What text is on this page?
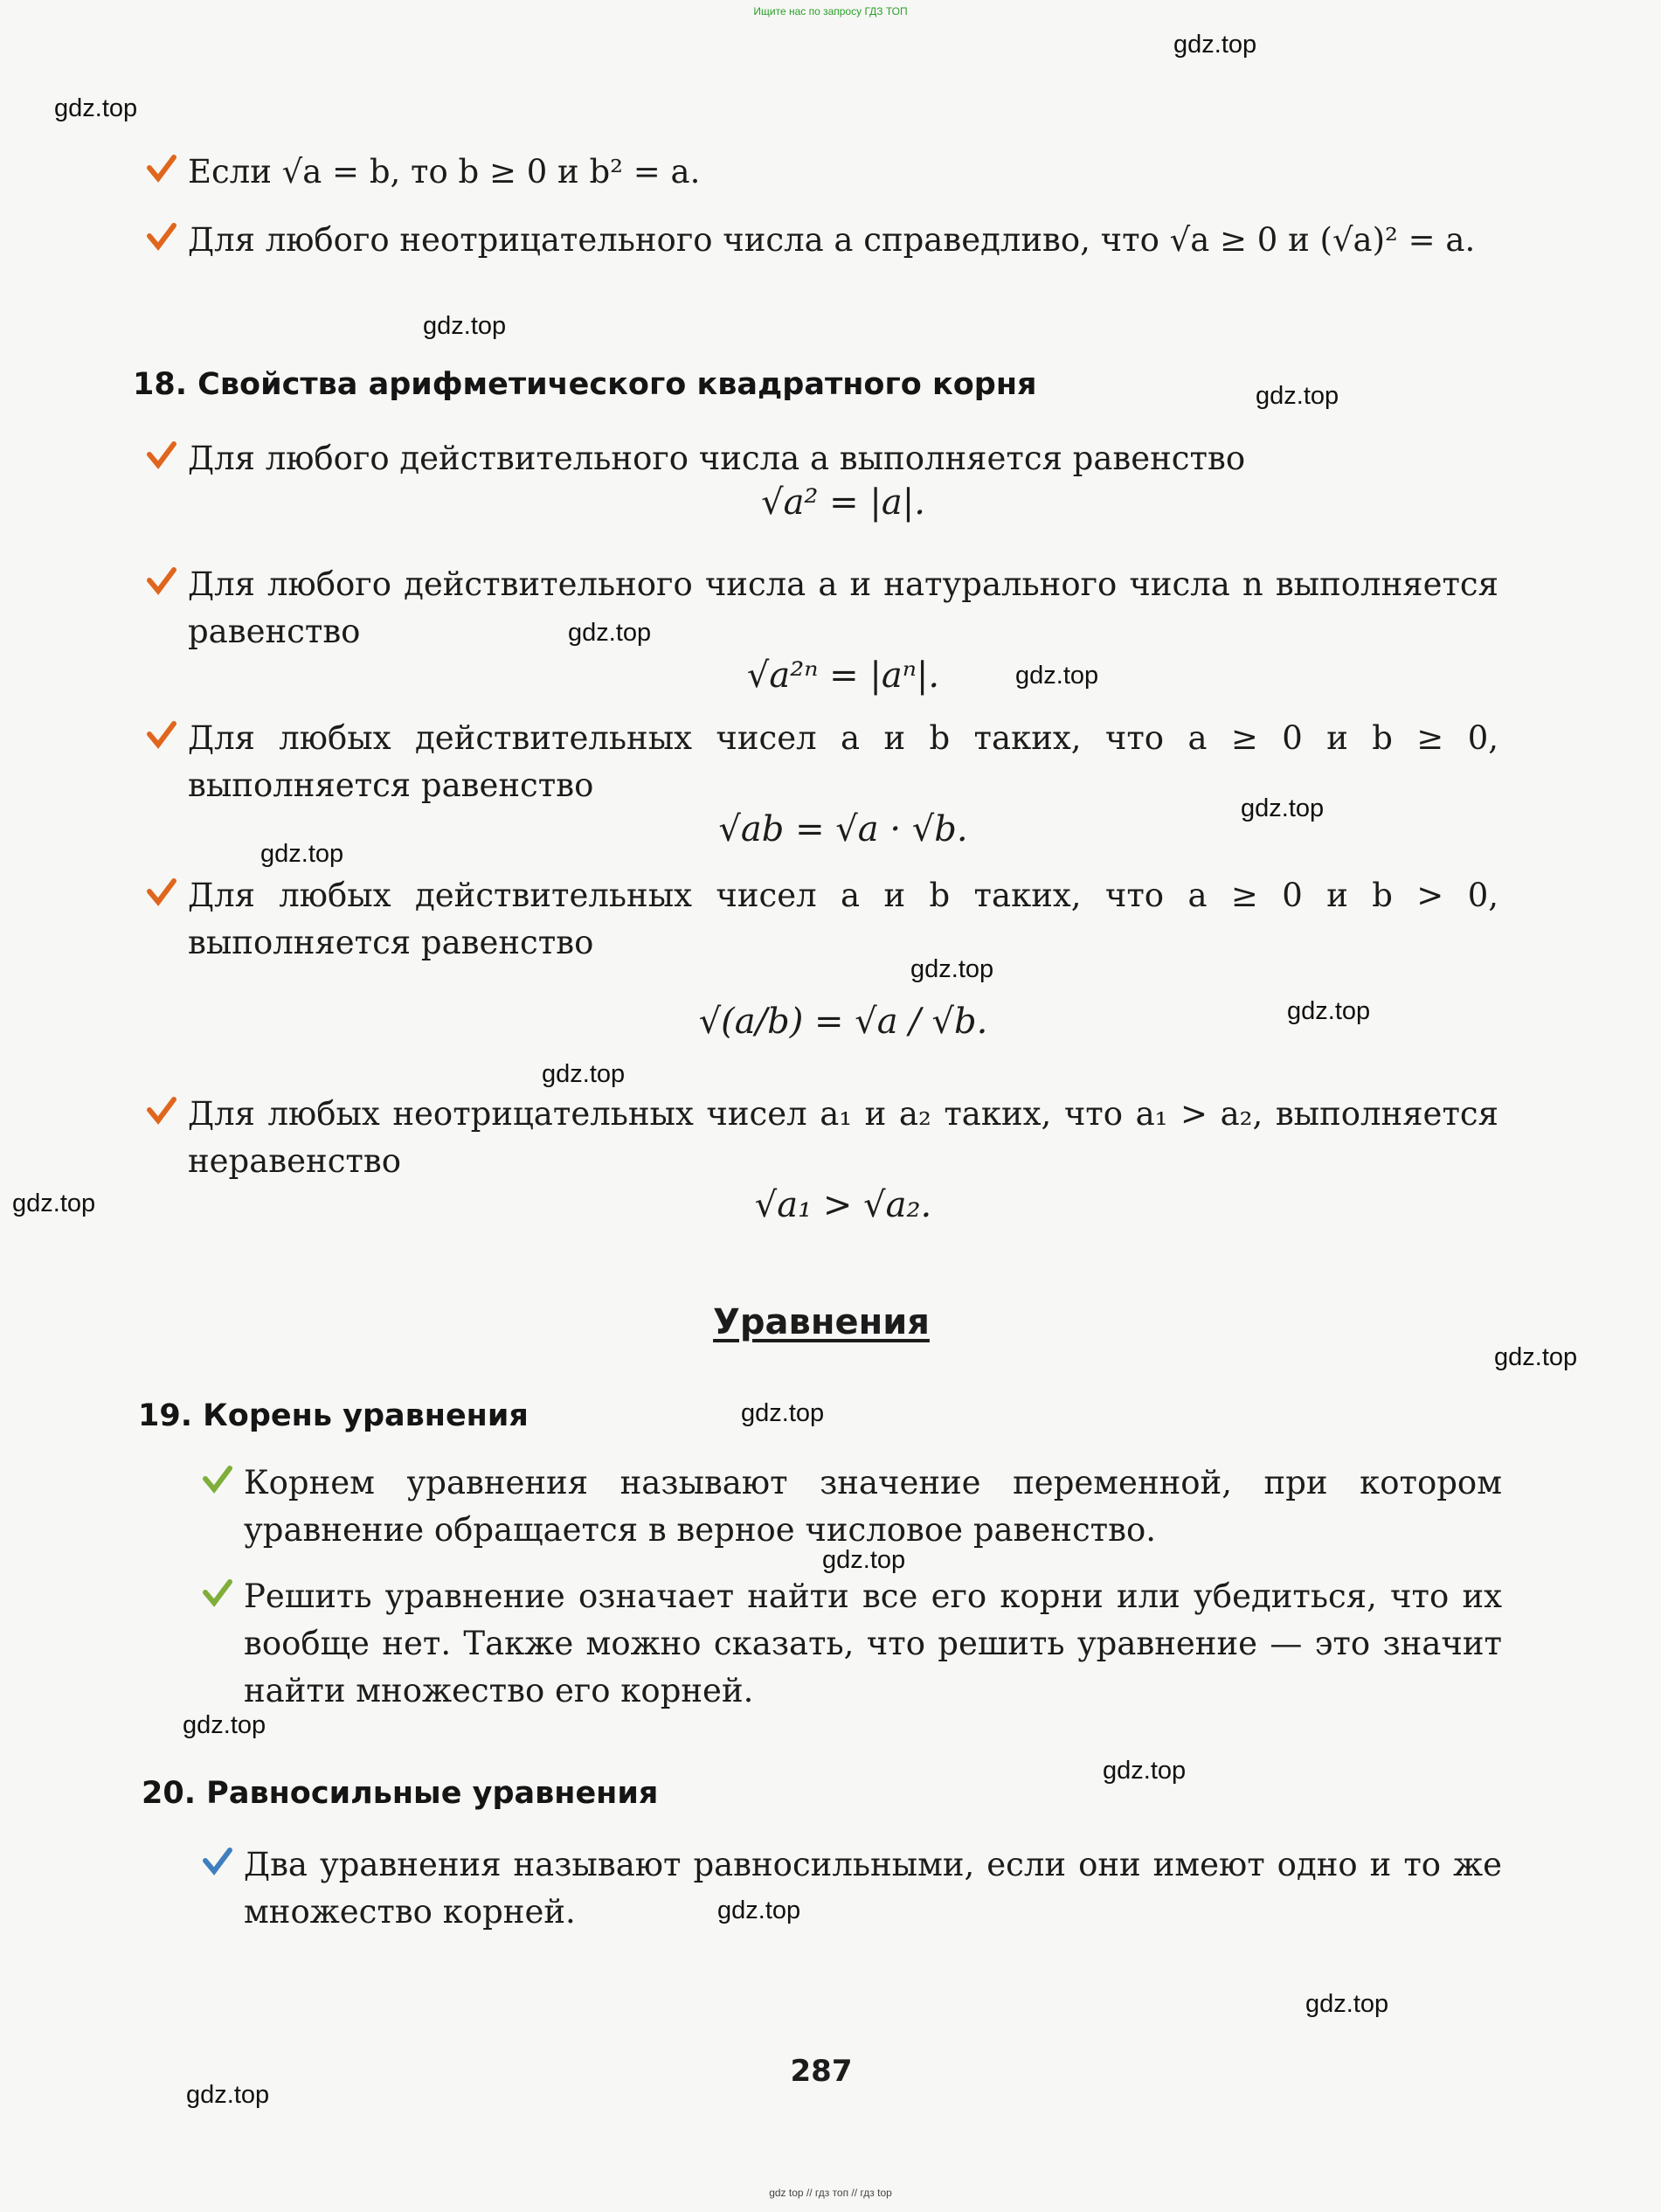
Ищите нас по запросу ГДЗ ТОП
gdz.top
gdz.top
gdz.top
gdz.top
gdz.top
gdz.top
gdz.top
gdz.top
gdz.top
gdz.top
gdz.top
gdz.top
gdz.top
gdz.top
gdz.top
gdz.top
gdz.top
gdz.top
gdz.top
gdz.top
Если √a = b, то b ≥ 0 и b² = a.
Для любого неотрицательного числа a справедливо, что √a ≥ 0 и (√a)² = a.
18. Свойства арифметического квадратного корня
Для любого действительного числа a выполняется равенство
√a² = |a|.
Для любого действительного числа a и натурального числа n выполняется равенство
√a²ⁿ = |aⁿ|.
Для любых действительных чисел a и b таких, что a ≥ 0 и b ≥ 0, выполняется равенство
√ab = √a · √b.
Для любых действительных чисел a и b таких, что a ≥ 0 и b > 0, выполняется равенство
√(a/b) = √a / √b.
Для любых неотрицательных чисел a₁ и a₂ таких, что a₁ > a₂, выполняется неравенство
√a₁ > √a₂.
Уравнения
19. Корень уравнения
Корнем уравнения называют значение переменной, при котором уравнение обращается в верное числовое равенство.
Решить уравнение означает найти все его корни или убедиться, что их вообще нет. Также можно сказать, что решить уравнение — это значит найти множество его корней.
20. Равносильные уравнения
Два уравнения называют равносильными, если они имеют одно и то же множество корней.
287
gdz top // гдз топ // гдз top
